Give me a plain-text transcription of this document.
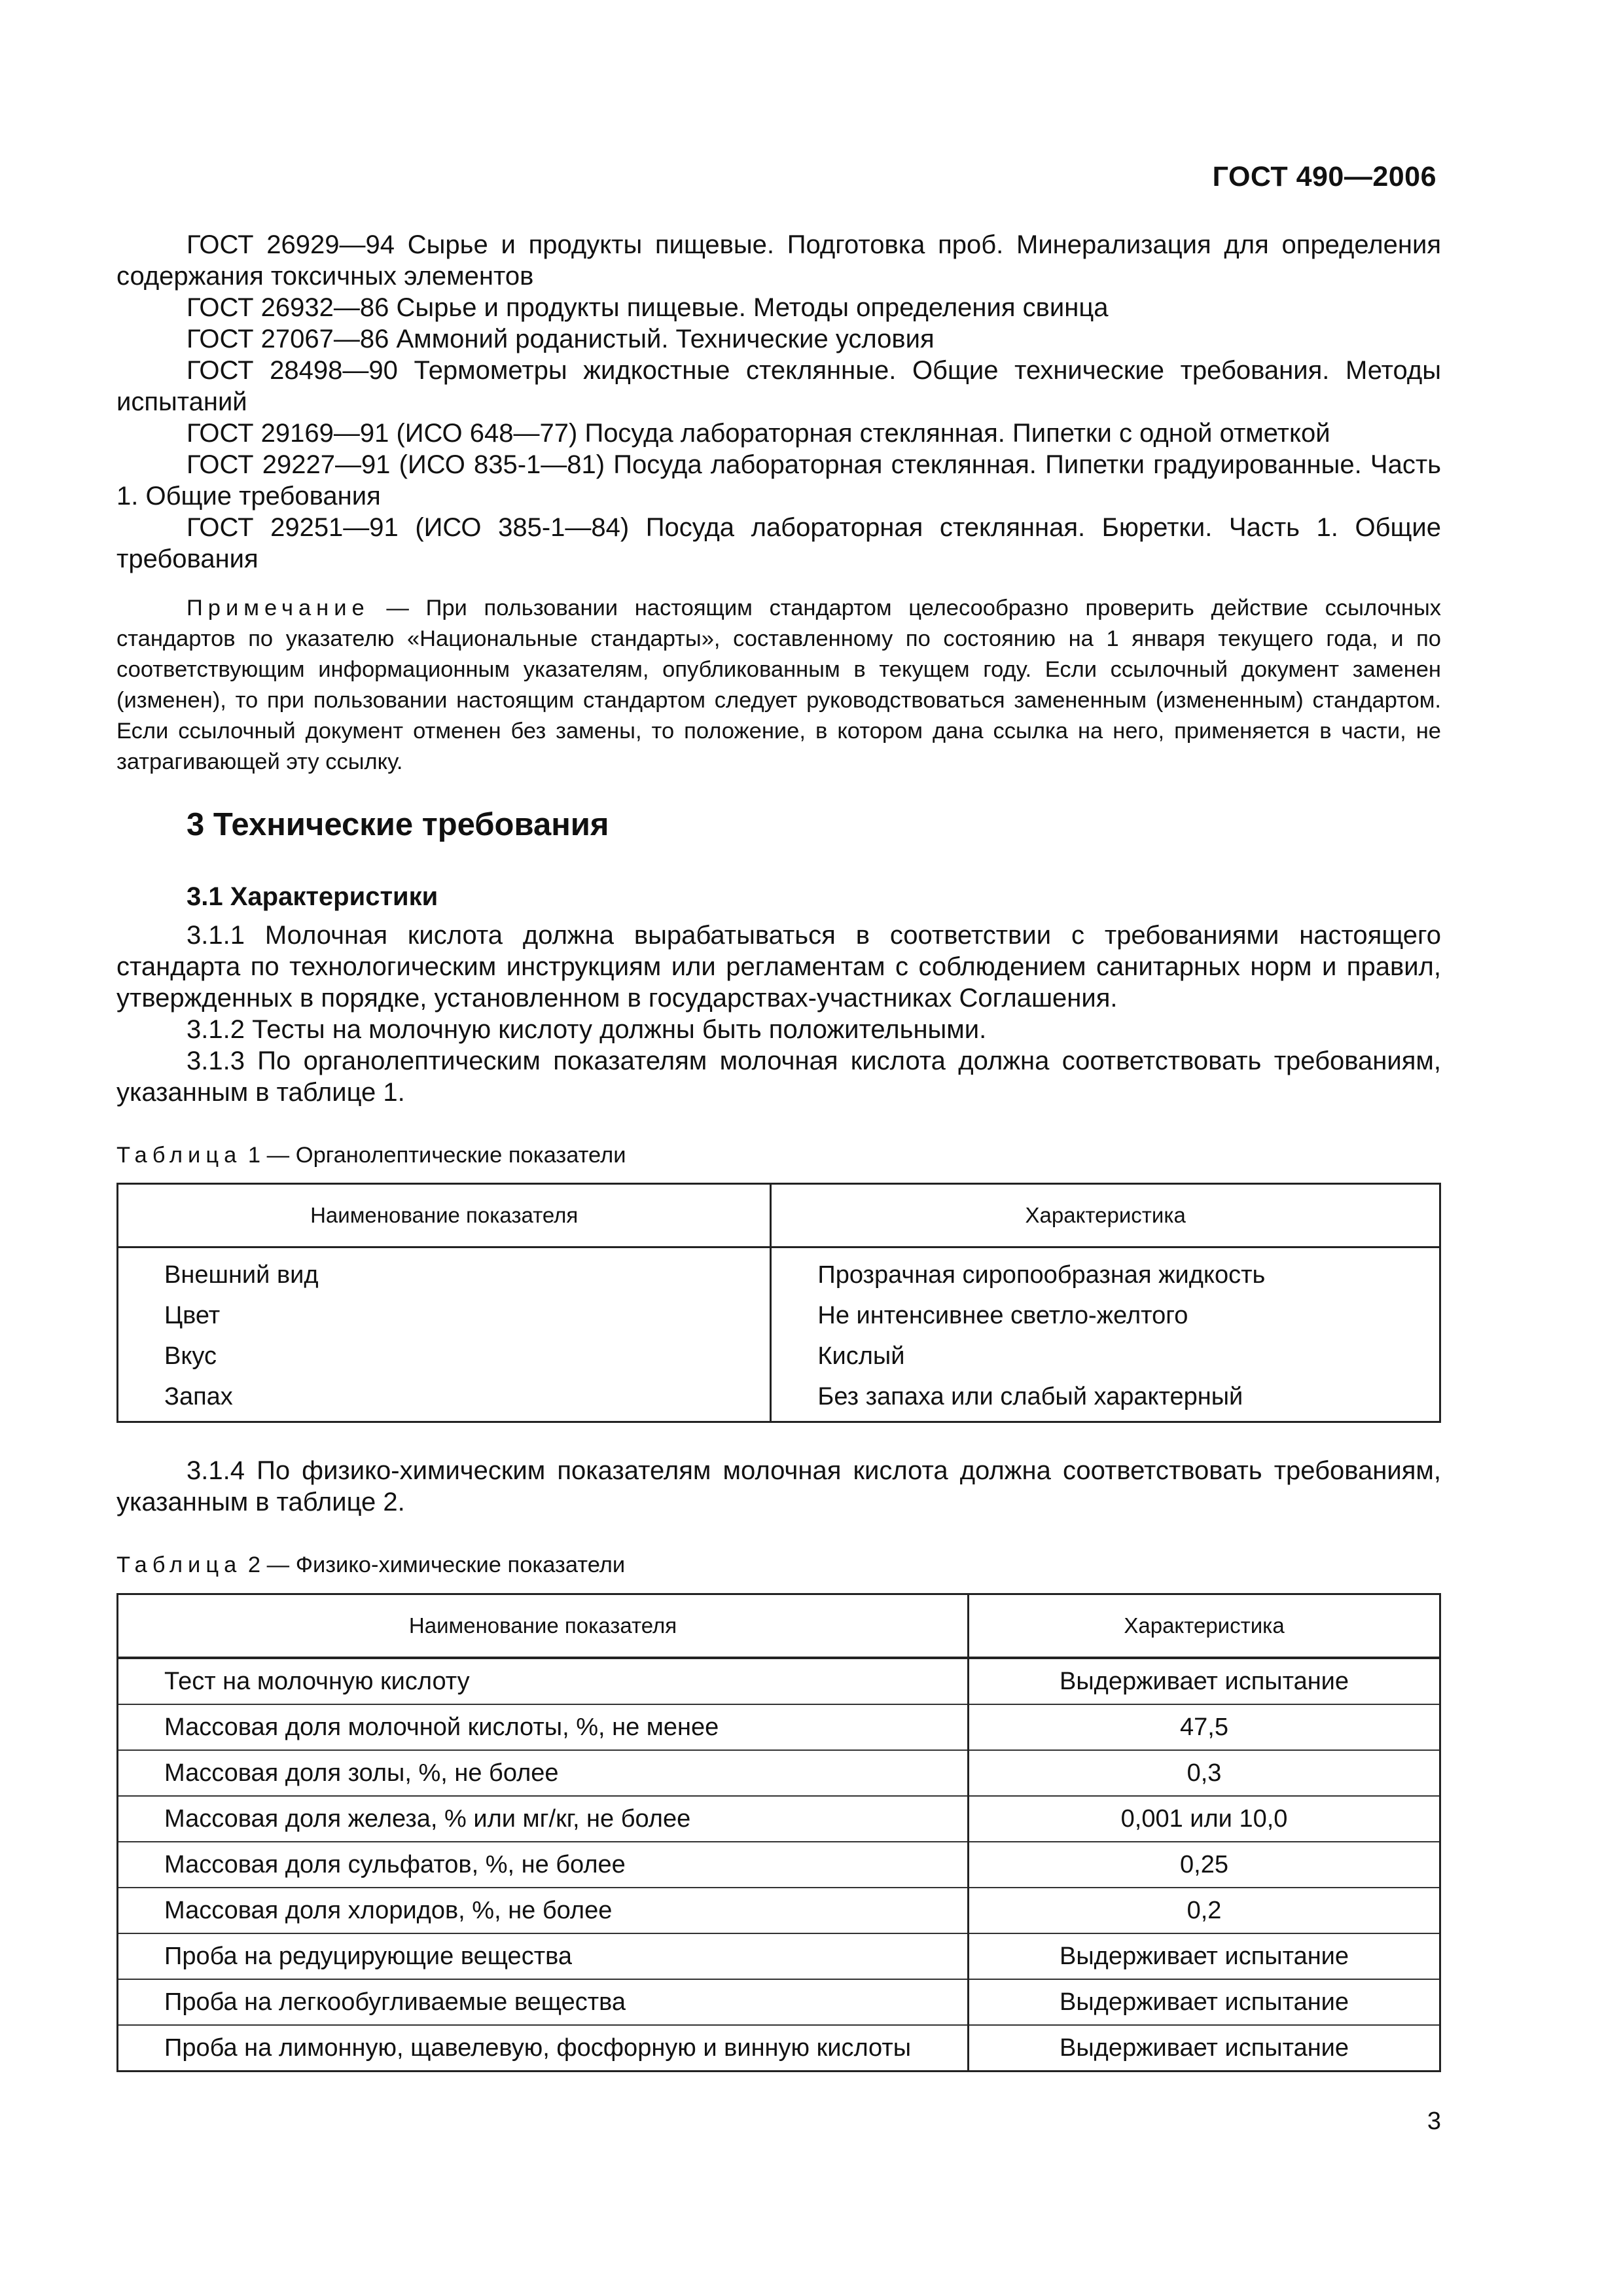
ГОСТ 490—2006

ГОСТ 26929—94 Сырье и продукты пищевые. Подготовка проб. Минерализация для определения содержания токсичных элементов

ГОСТ 26932—86 Сырье и продукты пищевые. Методы определения свинца

ГОСТ 27067—86 Аммоний роданистый. Технические условия

ГОСТ 28498—90 Термометры жидкостные стеклянные. Общие технические требования. Методы испытаний

ГОСТ 29169—91 (ИСО 648—77) Посуда лабораторная стеклянная. Пипетки с одной отметкой

ГОСТ 29227—91 (ИСО 835-1—81) Посуда лабораторная стеклянная. Пипетки градуированные. Часть 1. Общие требования

ГОСТ 29251—91 (ИСО 385-1—84) Посуда лабораторная стеклянная. Бюретки. Часть 1. Общие требования

Примечание — При пользовании настоящим стандартом целесообразно проверить действие ссылочных стандартов по указателю «Национальные стандарты», составленному по состоянию на 1 января текущего года, и по соответствующим информационным указателям, опубликованным в текущем году. Если ссылочный документ заменен (изменен), то при пользовании настоящим стандартом следует руководствоваться замененным (измененным) стандартом. Если ссылочный документ отменен без замены, то положение, в котором дана ссылка на него, применяется в части, не затрагивающей эту ссылку.

3 Технические требования
3.1 Характеристики

3.1.1 Молочная кислота должна вырабатываться в соответствии с требованиями настоящего стандарта по технологическим инструкциям или регламентам с соблюдением санитарных норм и правил, утвержденных в порядке, установленном в государствах-участниках Соглашения.

3.1.2 Тесты на молочную кислоту должны быть положительными.

3.1.3 По органолептическим показателям молочная кислота должна соответствовать требованиям, указанным в таблице 1.

Таблица 1 — Органолептические показатели

Наименование показателя	Характеристика
Внешний вид	Прозрачная сиропообразная жидкость
Цвет	Не интенсивнее светло-желтого
Вкус	Кислый
Запах	Без запаха или слабый характерный

3.1.4 По физико-химическим показателям молочная кислота должна соответствовать требованиям, указанным в таблице 2.

Таблица 2 — Физико-химические показатели

Наименование показателя	Характеристика
Тест на молочную кислоту	Выдерживает испытание
Массовая доля молочной кислоты, %, не менее	47,5
Массовая доля золы, %, не более	0,3
Массовая доля железа, % или мг/кг, не более	0,001 или 10,0
Массовая доля сульфатов, %, не более	0,25
Массовая доля хлоридов, %, не более	0,2
Проба на редуцирующие вещества	Выдерживает испытание
Проба на легкообугливаемые вещества	Выдерживает испытание
Проба на лимонную, щавелевую, фосфорную и винную кислоты	Выдерживает испытание
3
